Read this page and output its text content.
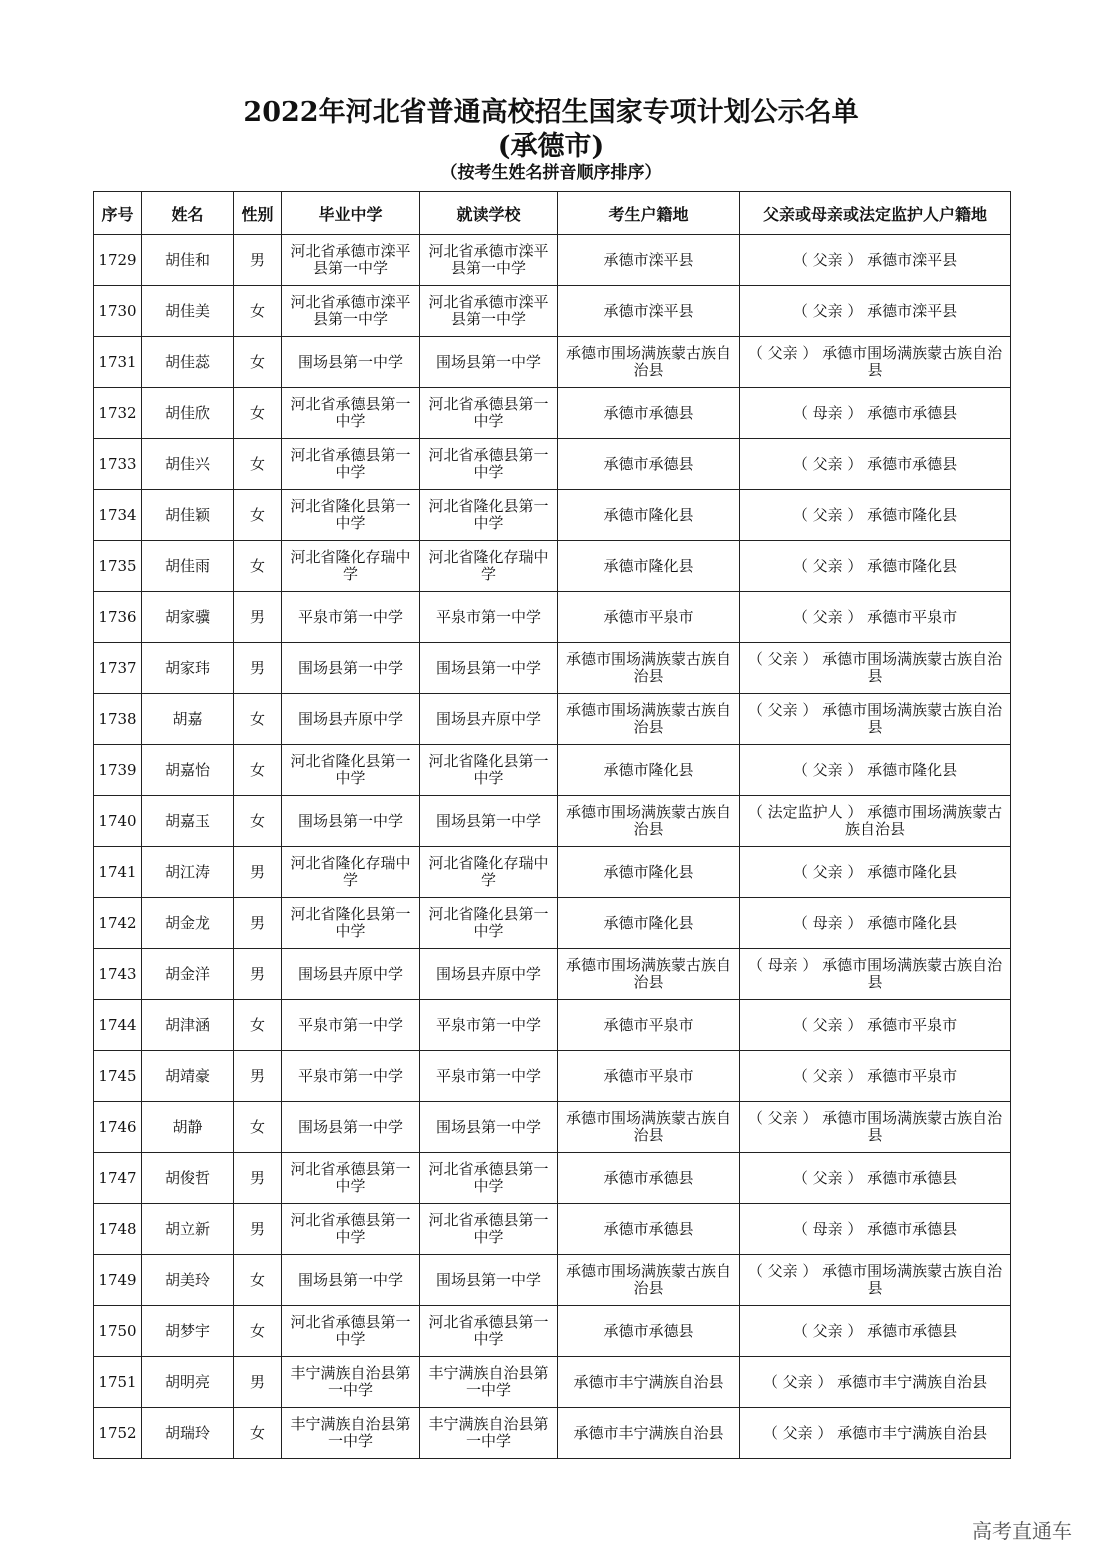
2022年河北省普通高校招生国家专项计划公示名单
(承德市)
（按考生姓名拼音顺序排序）
序号	姓名	性别	毕业中学	就读学校	考生户籍地	父亲或母亲或法定监护人户籍地
1729	胡佳和	男	河北省承德市滦平县第一中学	河北省承德市滦平县第一中学	承德市滦平县	（ 父亲 ） 承德市滦平县
1730	胡佳美	女	河北省承德市滦平县第一中学	河北省承德市滦平县第一中学	承德市滦平县	（ 父亲 ） 承德市滦平县
1731	胡佳蕊	女	围场县第一中学	围场县第一中学	承德市围场满族蒙古族自治县	（ 父亲 ） 承德市围场满族蒙古族自治县
1732	胡佳欣	女	河北省承德县第一中学	河北省承德县第一中学	承德市承德县	（ 母亲 ） 承德市承德县
1733	胡佳兴	女	河北省承德县第一中学	河北省承德县第一中学	承德市承德县	（ 父亲 ） 承德市承德县
1734	胡佳颖	女	河北省隆化县第一中学	河北省隆化县第一中学	承德市隆化县	（ 父亲 ） 承德市隆化县
1735	胡佳雨	女	河北省隆化存瑞中学	河北省隆化存瑞中学	承德市隆化县	（ 父亲 ） 承德市隆化县
1736	胡家骥	男	平泉市第一中学	平泉市第一中学	承德市平泉市	（ 父亲 ） 承德市平泉市
1737	胡家玮	男	围场县第一中学	围场县第一中学	承德市围场满族蒙古族自治县	（ 父亲 ） 承德市围场满族蒙古族自治县
1738	胡嘉	女	围场县卉原中学	围场县卉原中学	承德市围场满族蒙古族自治县	（ 父亲 ） 承德市围场满族蒙古族自治县
1739	胡嘉怡	女	河北省隆化县第一中学	河北省隆化县第一中学	承德市隆化县	（ 父亲 ） 承德市隆化县
1740	胡嘉玉	女	围场县第一中学	围场县第一中学	承德市围场满族蒙古族自治县	（ 法定监护人 ） 承德市围场满族蒙古族自治县
1741	胡江涛	男	河北省隆化存瑞中学	河北省隆化存瑞中学	承德市隆化县	（ 父亲 ） 承德市隆化县
1742	胡金龙	男	河北省隆化县第一中学	河北省隆化县第一中学	承德市隆化县	（ 母亲 ） 承德市隆化县
1743	胡金洋	男	围场县卉原中学	围场县卉原中学	承德市围场满族蒙古族自治县	（ 母亲 ） 承德市围场满族蒙古族自治县
1744	胡津涵	女	平泉市第一中学	平泉市第一中学	承德市平泉市	（ 父亲 ） 承德市平泉市
1745	胡靖豪	男	平泉市第一中学	平泉市第一中学	承德市平泉市	（ 父亲 ） 承德市平泉市
1746	胡静	女	围场县第一中学	围场县第一中学	承德市围场满族蒙古族自治县	（ 父亲 ） 承德市围场满族蒙古族自治县
1747	胡俊哲	男	河北省承德县第一中学	河北省承德县第一中学	承德市承德县	（ 父亲 ） 承德市承德县
1748	胡立新	男	河北省承德县第一中学	河北省承德县第一中学	承德市承德县	（ 母亲 ） 承德市承德县
1749	胡美玲	女	围场县第一中学	围场县第一中学	承德市围场满族蒙古族自治县	（ 父亲 ） 承德市围场满族蒙古族自治县
1750	胡梦宇	女	河北省承德县第一中学	河北省承德县第一中学	承德市承德县	（ 父亲 ） 承德市承德县
1751	胡明亮	男	丰宁满族自治县第一中学	丰宁满族自治县第一中学	承德市丰宁满族自治县	（ 父亲 ） 承德市丰宁满族自治县
1752	胡瑞玲	女	丰宁满族自治县第一中学	丰宁满族自治县第一中学	承德市丰宁满族自治县	（ 父亲 ） 承德市丰宁满族自治县
高考直通车
